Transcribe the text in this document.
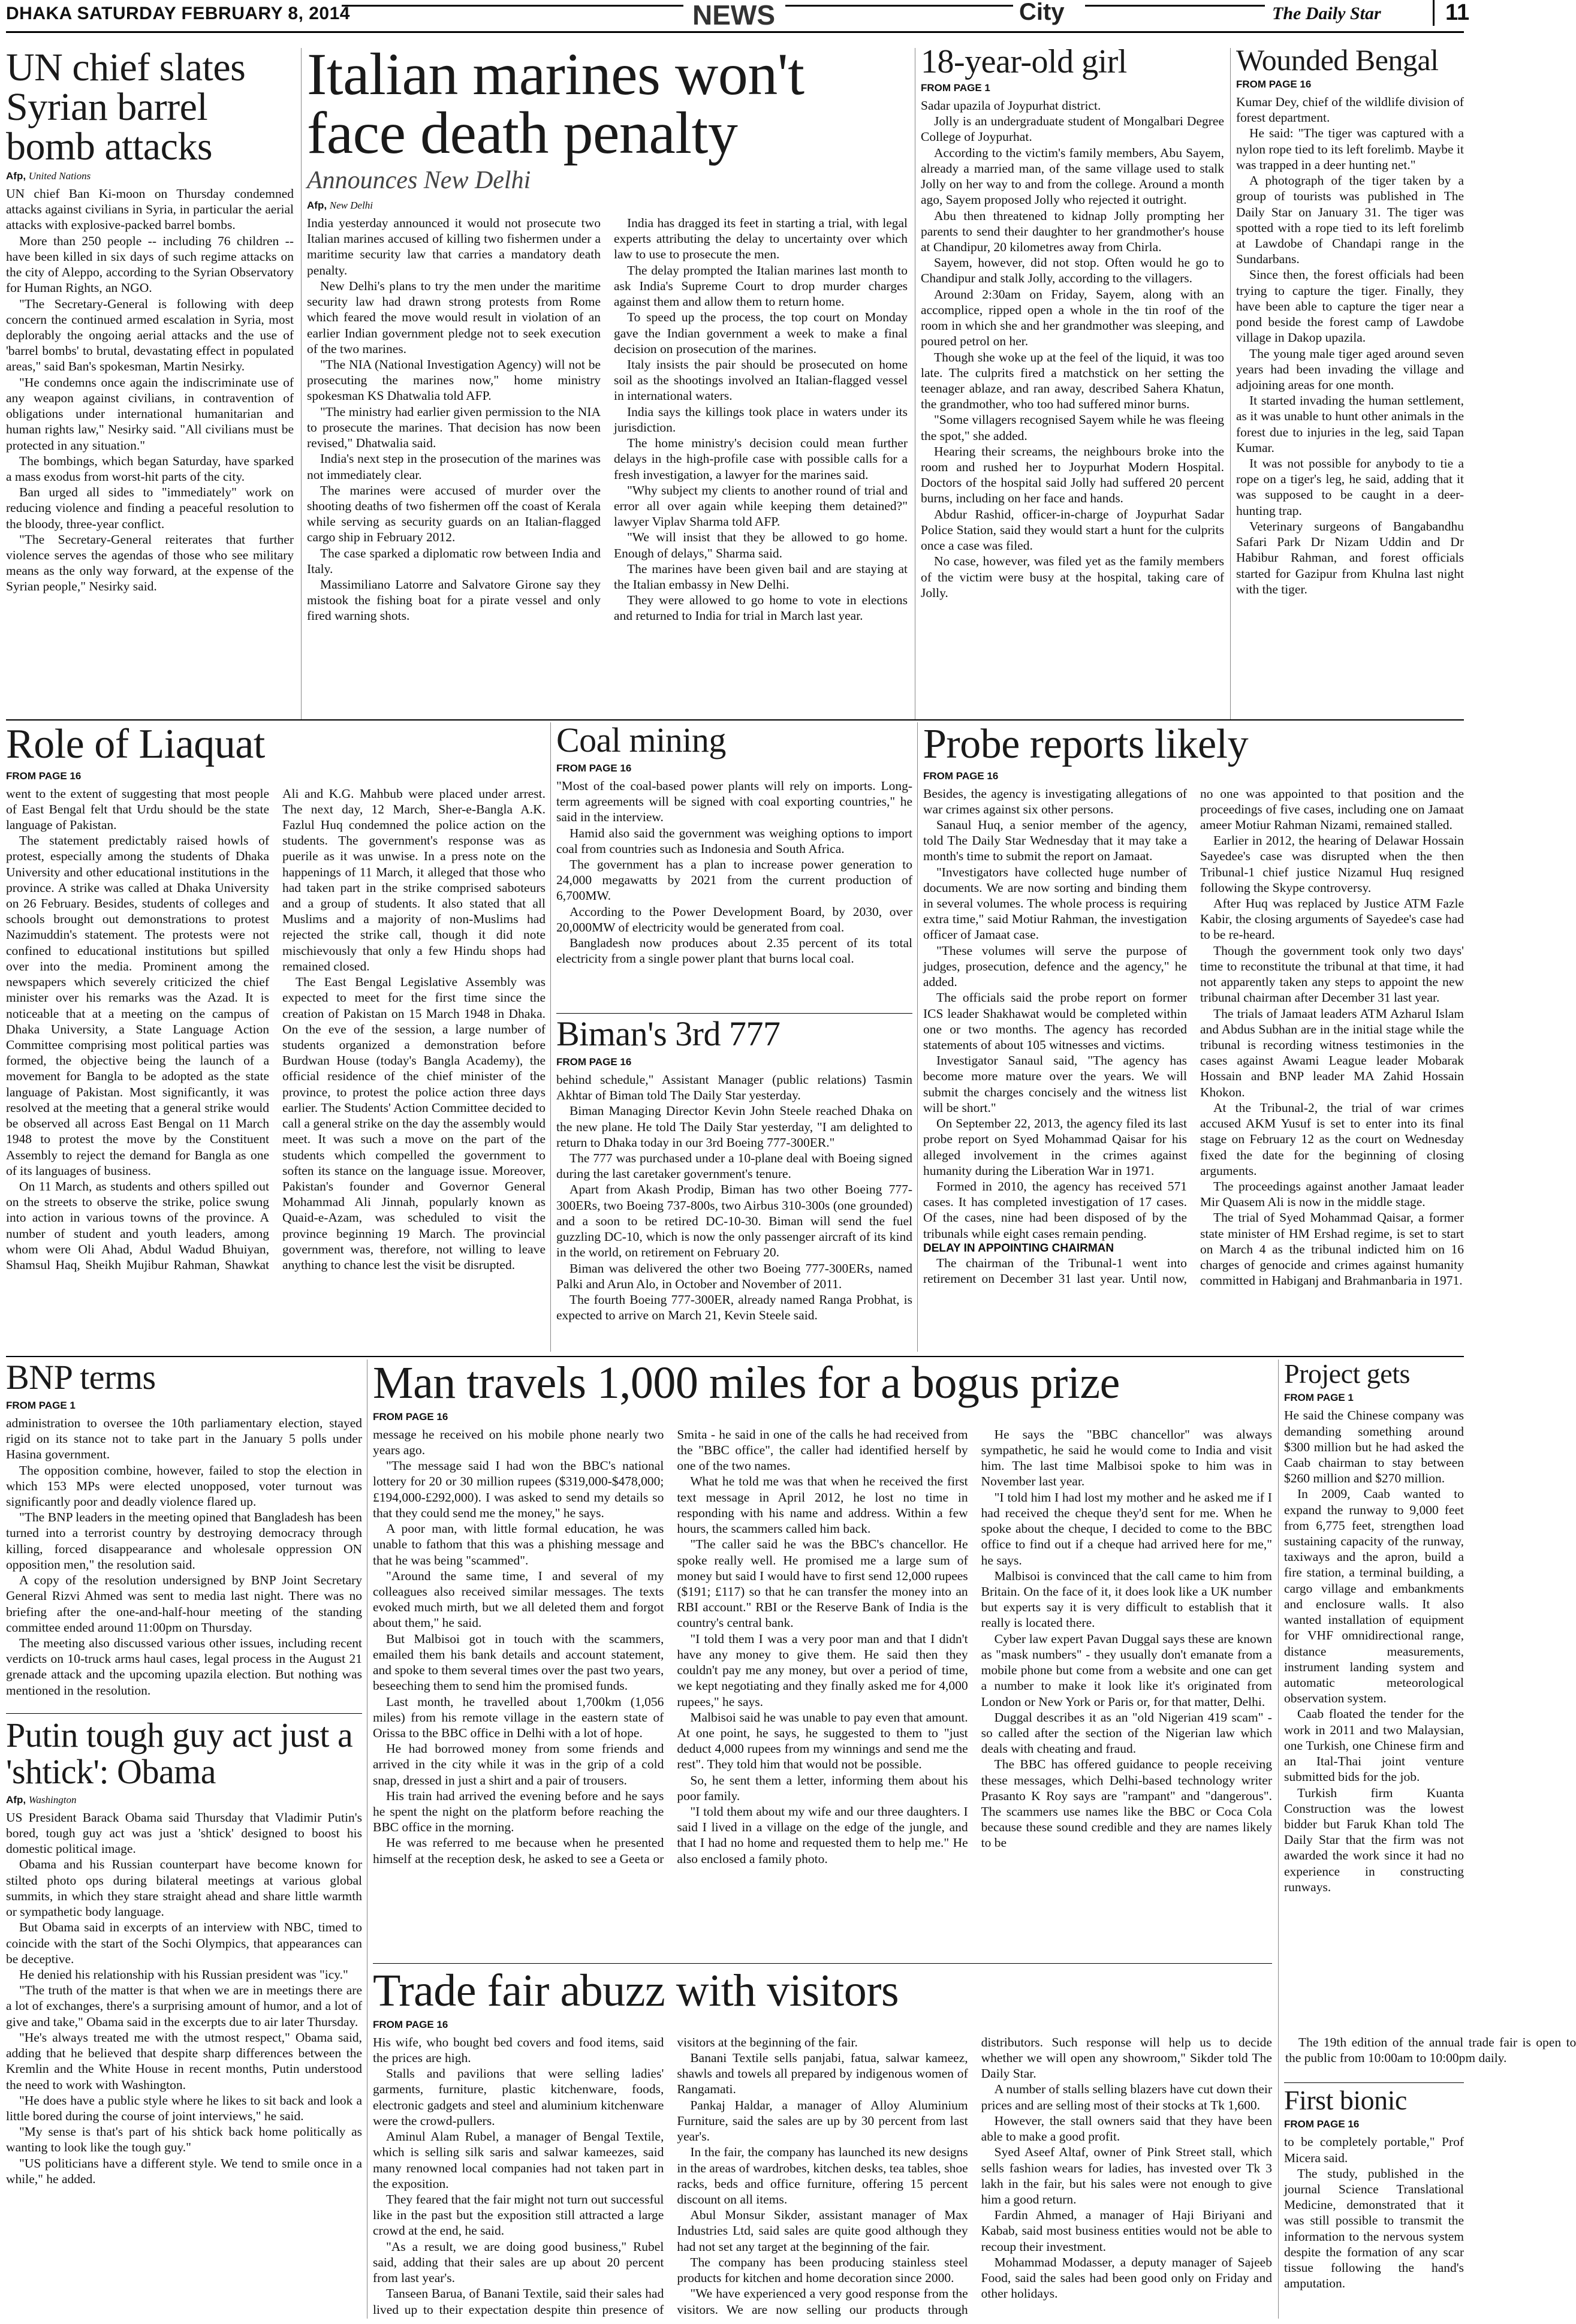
DHAKA SATURDAY FEBRUARY 8, 2014	NEWS	City	The Daily Star	11
UN chief slates Syrian barrel bomb attacks
Afp, United Nations

UN chief Ban Ki-moon on Thursday condemned attacks against civilians in Syria, in particular the aerial attacks with explosive-packed barrel bombs.

More than 250 people -- including 76 children -- have been killed in six days of such regime attacks on the city of Aleppo, according to the Syrian Observatory for Human Rights, an NGO.

"The Secretary-General is following with deep concern the continued armed escalation in Syria, most deplorably the ongoing aerial attacks and the use of 'barrel bombs' to brutal, devastating effect in populated areas," said Ban's spokesman, Martin Nesirky.

"He condemns once again the indiscriminate use of any weapon against civilians, in contravention of obligations under international humanitarian and human rights law," Nesirky said. "All civilians must be protected in any situation."

The bombings, which began Saturday, have sparked a mass exodus from worst-hit parts of the city.

Ban urged all sides to "immediately" work on reducing violence and finding a peaceful resolution to the bloody, three-year conflict.

"The Secretary-General reiterates that further violence serves the agendas of those who see military means as the only way forward, at the expense of the Syrian people," Nesirky said.

Italian marines won't face death penalty
Announces New Delhi
Afp, New Delhi

India yesterday announced it would not prosecute two Italian marines accused of killing two fishermen under a maritime security law that carries a mandatory death penalty.

New Delhi's plans to try the men under the maritime security law had drawn strong protests from Rome which feared the move would result in violation of an earlier Indian government pledge not to seek execution of the two marines.

"The NIA (National Investigation Agency) will not be prosecuting the marines now," home ministry spokesman KS Dhatwalia told AFP.

"The ministry had earlier given permission to the NIA to prosecute the marines. That decision has now been revised," Dhatwalia said.

India's next step in the prosecution of the marines was not immediately clear.

The marines were accused of murder over the shooting deaths of two fishermen off the coast of Kerala while serving as security guards on an Italian-flagged cargo ship in February 2012.

The case sparked a diplomatic row between India and Italy.

Massimiliano Latorre and Salvatore Girone say they mistook the fishing boat for a pirate vessel and only fired warning shots.

India has dragged its feet in starting a trial, with legal experts attributing the delay to uncertainty over which law to use to prosecute the men.

The delay prompted the Italian marines last month to ask India's Supreme Court to drop murder charges against them and allow them to return home.

To speed up the process, the top court on Monday gave the Indian government a week to make a final decision on prosecution of the marines.

Italy insists the pair should be prosecuted on home soil as the shootings involved an Italian-flagged vessel in international waters.

India says the killings took place in waters under its jurisdiction.

The home ministry's decision could mean further delays in the high-profile case with possible calls for a fresh investigation, a lawyer for the marines said.

"Why subject my clients to another round of trial and error all over again while keeping them detained?" lawyer Viplav Sharma told AFP.

"We will insist that they be allowed to go home. Enough of delays," Sharma said.

The marines have been given bail and are staying at the Italian embassy in New Delhi.

They were allowed to go home to vote in elections and returned to India for trial in March last year.

18-year-old girl
FROM PAGE 1

Sadar upazila of Joypurhat district.

Jolly is an undergraduate student of Mongalbari Degree College of Joypurhat.

According to the victim's family members, Abu Sayem, already a married man, of the same village used to stalk Jolly on her way to and from the college. Around a month ago, Sayem proposed Jolly who rejected it outright.

Abu then threatened to kidnap Jolly prompting her parents to send their daughter to her grandmother's house at Chandipur, 20 kilometres away from Chirla.

Sayem, however, did not stop. Often would he go to Chandipur and stalk Jolly, according to the villagers.

Around 2:30am on Friday, Sayem, along with an accomplice, ripped open a whole in the tin roof of the room in which she and her grandmother was sleeping, and poured petrol on her.

Though she woke up at the feel of the liquid, it was too late. The culprits fired a matchstick on her setting the teenager ablaze, and ran away, described Sahera Khatun, the grandmother, who too had suffered minor burns.

"Some villagers recognised Sayem while he was fleeing the spot," she added.

Hearing their screams, the neighbours broke into the room and rushed her to Joypurhat Modern Hospital. Doctors of the hospital said Jolly had suffered 20 percent burns, including on her face and hands.

Abdur Rashid, officer-in-charge of Joypurhat Sadar Police Station, said they would start a hunt for the culprits once a case was filed.

No case, however, was filed yet as the family members of the victim were busy at the hospital, taking care of Jolly.

Wounded Bengal
FROM PAGE 16

Kumar Dey, chief of the wildlife division of forest department.

He said: "The tiger was captured with a nylon rope tied to its left forelimb. Maybe it was trapped in a deer hunting net."

A photograph of the tiger taken by a group of tourists was published in The Daily Star on January 31. The tiger was spotted with a rope tied to its left forelimb at Lawdobe of Chandapi range in the Sundarbans.

Since then, the forest officials had been trying to capture the tiger. Finally, they have been able to capture the tiger near a pond beside the forest camp of Lawdobe village in Dakop upazila.

The young male tiger aged around seven years had been invading the village and adjoining areas for one month.

It started invading the human settlement, as it was unable to hunt other animals in the forest due to injuries in the leg, said Tapan Kumar.

It was not possible for anybody to tie a rope on a tiger's leg, he said, adding that it was supposed to be caught in a deer-hunting trap.

Veterinary surgeons of Bangabandhu Safari Park Dr Nizam Uddin and Dr Habibur Rahman, and forest officials started for Gazipur from Khulna last night with the tiger.

Role of Liaquat
FROM PAGE 16

went to the extent of suggesting that most people of East Bengal felt that Urdu should be the state language of Pakistan.

The statement predictably raised howls of protest, especially among the students of Dhaka University and other educational institutions in the province. A strike was called at Dhaka University on 26 February. Besides, students of colleges and schools brought out demonstrations to protest Nazimuddin's statement. The protests were not confined to educational institutions but spilled over into the media. Prominent among the newspapers which severely criticized the chief minister over his remarks was the Azad. It is noticeable that at a meeting on the campus of Dhaka University, a State Language Action Committee comprising most political parties was formed, the objective being the launch of a movement for Bangla to be adopted as the state language of Pakistan. Most significantly, it was resolved at the meeting that a general strike would be observed all across East Bengal on 11 March 1948 to protest the move by the Constituent Assembly to reject the demand for Bangla as one of its languages of business.

On 11 March, as students and others spilled out on the streets to observe the strike, police swung into action in various towns of the province. A number of student and youth leaders, among whom were Oli Ahad, Abdul Wadud Bhuiyan, Shamsul Haq, Sheikh Mujibur Rahman, Shawkat Ali and K.G. Mahbub were placed under arrest. The next day, 12 March, Sher-e-Bangla A.K. Fazlul Huq condemned the police action on the students. The government's response was as puerile as it was unwise. In a press note on the happenings of 11 March, it alleged that those who had taken part in the strike comprised saboteurs and a group of students. It also stated that all Muslims and a majority of non-Muslims had rejected the strike call, though it did note mischievously that only a few Hindu shops had remained closed.

The East Bengal Legislative Assembly was expected to meet for the first time since the creation of Pakistan on 15 March 1948 in Dhaka. On the eve of the session, a large number of students organized a demonstration before Burdwan House (today's Bangla Academy), the official residence of the chief minister of the province, to protest the police action three days earlier. The Students' Action Committee decided to call a general strike on the day the assembly would meet. It was such a move on the part of the students which compelled the government to soften its stance on the language issue. Moreover, Pakistan's founder and Governor General Mohammad Ali Jinnah, popularly known as Quaid-e-Azam, was scheduled to visit the province beginning 19 March. The provincial government was, therefore, not willing to leave anything to chance lest the visit be disrupted.

Coal mining
FROM PAGE 16

"Most of the coal-based power plants will rely on imports. Long-term agreements will be signed with coal exporting countries," he said in the interview.

Hamid also said the government was weighing options to import coal from countries such as Indonesia and South Africa.

The government has a plan to increase power generation to 24,000 megawatts by 2021 from the current production of 6,700MW.

According to the Power Development Board, by 2030, over 20,000MW of electricity would be generated from coal.

Bangladesh now produces about 2.35 percent of its total electricity from a single power plant that burns local coal.

Biman's 3rd 777
FROM PAGE 16

behind schedule," Assistant Manager (public relations) Tasmin Akhtar of Biman told The Daily Star yesterday.

Biman Managing Director Kevin John Steele reached Dhaka on the new plane. He told The Daily Star yesterday, "I am delighted to return to Dhaka today in our 3rd Boeing 777-300ER."

The 777 was purchased under a 10-plane deal with Boeing signed during the last caretaker government's tenure.

Apart from Akash Prodip, Biman has two other Boeing 777-300ERs, two Boeing 737-800s, two Airbus 310-300s (one grounded) and a soon to be retired DC-10-30. Biman will send the fuel guzzling DC-10, which is now the only passenger aircraft of its kind in the world, on retirement on February 20.

Biman was delivered the other two Boeing 777-300ERs, named Palki and Arun Alo, in October and November of 2011.

The fourth Boeing 777-300ER, already named Ranga Probhat, is expected to arrive on March 21, Kevin Steele said.

Probe reports likely
FROM PAGE 16

Besides, the agency is investigating allegations of war crimes against six other persons.

Sanaul Huq, a senior member of the agency, told The Daily Star Wednesday that it may take a month's time to submit the report on Jamaat.

"Investigators have collected huge number of documents. We are now sorting and binding them in several volumes. The whole process is requiring extra time," said Motiur Rahman, the investigation officer of Jamaat case.

"These volumes will serve the purpose of judges, prosecution, defence and the agency," he added.

The officials said the probe report on former ICS leader Shakhawat would be completed within one or two months. The agency has recorded statements of about 105 witnesses and victims.

Investigator Sanaul said, "The agency has become more mature over the years. We will submit the charges concisely and the witness list will be short."

On September 22, 2013, the agency filed its last probe report on Syed Mohammad Qaisar for his alleged involvement in the crimes against humanity during the Liberation War in 1971.

Formed in 2010, the agency has received 571 cases. It has completed investigation of 17 cases. Of the cases, nine had been disposed of by the tribunals while eight cases remain pending.

DELAY IN APPOINTING CHAIRMAN

The chairman of the Tribunal-1 went into retirement on December 31 last year. Until now, no one was appointed to that position and the proceedings of five cases, including one on Jamaat ameer Motiur Rahman Nizami, remained stalled.

Earlier in 2012, the hearing of Delawar Hossain Sayedee's case was disrupted when the then Tribunal-1 chief justice Nizamul Huq resigned following the Skype controversy.

After Huq was replaced by Justice ATM Fazle Kabir, the closing arguments of Sayedee's case had to be re-heard.

Though the government took only two days' time to reconstitute the tribunal at that time, it had not apparently taken any steps to appoint the new tribunal chairman after December 31 last year.

The trials of Jamaat leaders ATM Azharul Islam and Abdus Subhan are in the initial stage while the tribunal is recording witness testimonies in the cases against Awami League leader Mobarak Hossain and BNP leader MA Zahid Hossain Khokon.

At the Tribunal-2, the trial of war crimes accused AKM Yusuf is set to enter into its final stage on February 12 as the court on Wednesday fixed the date for the beginning of closing arguments.

The proceedings against another Jamaat leader Mir Quasem Ali is now in the middle stage.

The trial of Syed Mohammad Qaisar, a former state minister of HM Ershad regime, is set to start on March 4 as the tribunal indicted him on 16 charges of genocide and crimes against humanity committed in Habiganj and Brahmanbaria in 1971.

BNP terms
FROM PAGE 1

administration to oversee the 10th parliamentary election, stayed rigid on its stance not to take part in the January 5 polls under Hasina government.

The opposition combine, however, failed to stop the election in which 153 MPs were elected unopposed, voter turnout was significantly poor and deadly violence flared up.

"The BNP leaders in the meeting opined that Bangladesh has been turned into a terrorist country by destroying democracy through killing, forced disappearance and wholesale oppression ON opposition men," the resolution said.

A copy of the resolution undersigned by BNP Joint Secretary General Rizvi Ahmed was sent to media last night. There was no briefing after the one-and-half-hour meeting of the standing committee ended around 11:00pm on Thursday.

The meeting also discussed various other issues, including recent verdicts on 10-truck arms haul cases, legal process in the August 21 grenade attack and the upcoming upazila election. But nothing was mentioned in the resolution.

Putin tough guy act just a 'shtick': Obama
Afp, Washington

US President Barack Obama said Thursday that Vladimir Putin's bored, tough guy act was just a 'shtick' designed to boost his domestic political image.

Obama and his Russian counterpart have become known for stilted photo ops during bilateral meetings at various global summits, in which they stare straight ahead and share little warmth or sympathetic body language.

But Obama said in excerpts of an interview with NBC, timed to coincide with the start of the Sochi Olympics, that appearances can be deceptive.

He denied his relationship with his Russian president was "icy."

"The truth of the matter is that when we are in meetings there are a lot of exchanges, there's a surprising amount of humor, and a lot of give and take," Obama said in the excerpts due to air later Thursday.

"He's always treated me with the utmost respect," Obama said, adding that he believed that despite sharp differences between the Kremlin and the White House in recent months, Putin understood the need to work with Washington.

"He does have a public style where he likes to sit back and look a little bored during the course of joint interviews," he said.

"My sense is that's part of his shtick back home politically as wanting to look like the tough guy."

"US politicians have a different style. We tend to smile once in a while," he added.

Man travels 1,000 miles for a bogus prize
FROM PAGE 16

message he received on his mobile phone nearly two years ago.

"The message said I had won the BBC's national lottery for 20 or 30 million rupees ($319,000-$478,000; £194,000-£292,000). I was asked to send my details so that they could send me the money," he says.

A poor man, with little formal education, he was unable to fathom that this was a phishing message and that he was being "scammed".

"Around the same time, I and several of my colleagues also received similar messages. The texts evoked much mirth, but we all deleted them and forgot about them," he said.

But Malbisoi got in touch with the scammers, emailed them his bank details and account statement, and spoke to them several times over the past two years, beseeching them to send him the promised funds.

Last month, he travelled about 1,700km (1,056 miles) from his remote village in the eastern state of Orissa to the BBC office in Delhi with a lot of hope.

He had borrowed money from some friends and arrived in the city while it was in the grip of a cold snap, dressed in just a shirt and a pair of trousers.

His train had arrived the evening before and he says he spent the night on the platform before reaching the BBC office in the morning.

He was referred to me because when he presented himself at the reception desk, he asked to see a Geeta or Smita - he said in one of the calls he had received from the "BBC office", the caller had identified herself by one of the two names.

What he told me was that when he received the first text message in April 2012, he lost no time in responding with his name and address. Within a few hours, the scammers called him back.

"The caller said he was the BBC's chancellor. He spoke really well. He promised me a large sum of money but said I would have to first send 12,000 rupees ($191; £117) so that he can transfer the money into an RBI account." RBI or the Reserve Bank of India is the country's central bank.

"I told them I was a very poor man and that I didn't have any money to give them. He said then they couldn't pay me any money, but over a period of time, we kept negotiating and they finally asked me for 4,000 rupees," he says.

Malbisoi said he was unable to pay even that amount. At one point, he says, he suggested to them to "just deduct 4,000 rupees from my winnings and send me the rest". They told him that would not be possible.

So, he sent them a letter, informing them about his poor family.

"I told them about my wife and our three daughters. I said I lived in a village on the edge of the jungle, and that I had no home and requested them to help me." He also enclosed a family photo.

He says the "BBC chancellor" was always sympathetic, he said he would come to India and visit him. The last time Malbisoi spoke to him was in November last year.

"I told him I had lost my mother and he asked me if I had received the cheque they'd sent for me. When he spoke about the cheque, I decided to come to the BBC office to find out if a cheque had arrived here for me," he says.

Malbisoi is convinced that the call came to him from Britain. On the face of it, it does look like a UK number but experts say it is very difficult to establish that it really is located there.

Cyber law expert Pavan Duggal says these are known as "mask numbers" - they usually don't emanate from a mobile phone but come from a website and one can get a number to make it look like it's originated from London or New York or Paris or, for that matter, Delhi.

Duggal describes it as an "old Nigerian 419 scam" - so called after the section of the Nigerian law which deals with cheating and fraud.

The BBC has offered guidance to people receiving these messages, which Delhi-based technology writer Prasanto K Roy says are "rampant" and "dangerous". The scammers use names like the BBC or Coca Cola because these sound credible and they are names likely to be

Trade fair abuzz with visitors
FROM PAGE 16

His wife, who bought bed covers and food items, said the prices are high.

Stalls and pavilions that were selling ladies' garments, furniture, plastic kitchenware, foods, electronic gadgets and steel and aluminium kitchenware were the crowd-pullers.

Aminul Alam Rubel, a manager of Bengal Textile, which is selling silk saris and salwar kameezes, said many renowned local companies had not taken part in the exposition.

They feared that the fair might not turn out successful like in the past but the exposition still attracted a large crowd at the end, he said.

"As a result, we are doing good business," Rubel said, adding that their sales are up about 20 percent from last year's.

Tanseen Barua, of Banani Textile, said their sales had lived up to their expectation despite thin presence of visitors at the beginning of the fair.

Banani Textile sells panjabi, fatua, salwar kameez, shawls and towels all prepared by indigenous women of Rangamati.

Pankaj Haldar, a manager of Alloy Aluminium Furniture, said the sales are up by 30 percent from last year's.

In the fair, the company has launched its new designs in the areas of wardrobes, kitchen desks, tea tables, shoe racks, beds and office furniture, offering 15 percent discount on all items.

Abul Monsur Sikder, assistant manager of Max Industries Ltd, said sales are quite good although they had not set any target at the beginning of the fair.

The company has been producing stainless steel products for kitchen and home decoration since 2000.

"We have experienced a very good response from the visitors. We are now selling our products through distributors. Such response will help us to decide whether we will open any showroom," Sikder told The Daily Star.

A number of stalls selling blazers have cut down their prices and are selling most of their stocks at Tk 1,600.

However, the stall owners said that they have been able to make a good profit.

Syed Aseef Altaf, owner of Pink Street stall, which sells fashion wears for ladies, has invested over Tk 3 lakh in the fair, but his sales were not enough to give him a good return.

Fardin Ahmed, a manager of Haji Biriyani and Kabab, said most business entities would not be able to recoup their investment.

Mohammad Modasser, a deputy manager of Sajeeb Food, said the sales had been good only on Friday and other holidays.

The 19th edition of the annual trade fair is open to the public from 10:00am to 10:00pm daily.

Project gets
FROM PAGE 1

He said the Chinese company was demanding something around $300 million but he had asked the Caab chairman to stay between $260 million and $270 million.

In 2009, Caab wanted to expand the runway to 9,000 feet from 6,775 feet, strengthen load sustaining capacity of the runway, taxiways and the apron, build a fire station, a terminal building, a cargo village and embankments and enclosure walls. It also wanted installation of equipment for VHF omnidirectional range, distance measurements, instrument landing system and automatic meteorological observation system.

Caab floated the tender for the work in 2011 and two Malaysian, one Turkish, one Chinese firm and an Ital-Thai joint venture submitted bids for the job.

Turkish firm Kuanta Construction was the lowest bidder but Faruk Khan told The Daily Star that the firm was not awarded the work since it had no experience in constructing runways.

First bionic
FROM PAGE 16

to be completely portable," Prof Micera said.

The study, published in the journal Science Translational Medicine, demonstrated that it was still possible to transmit the information to the nervous system despite the formation of any scar tissue following the hand's amputation.
